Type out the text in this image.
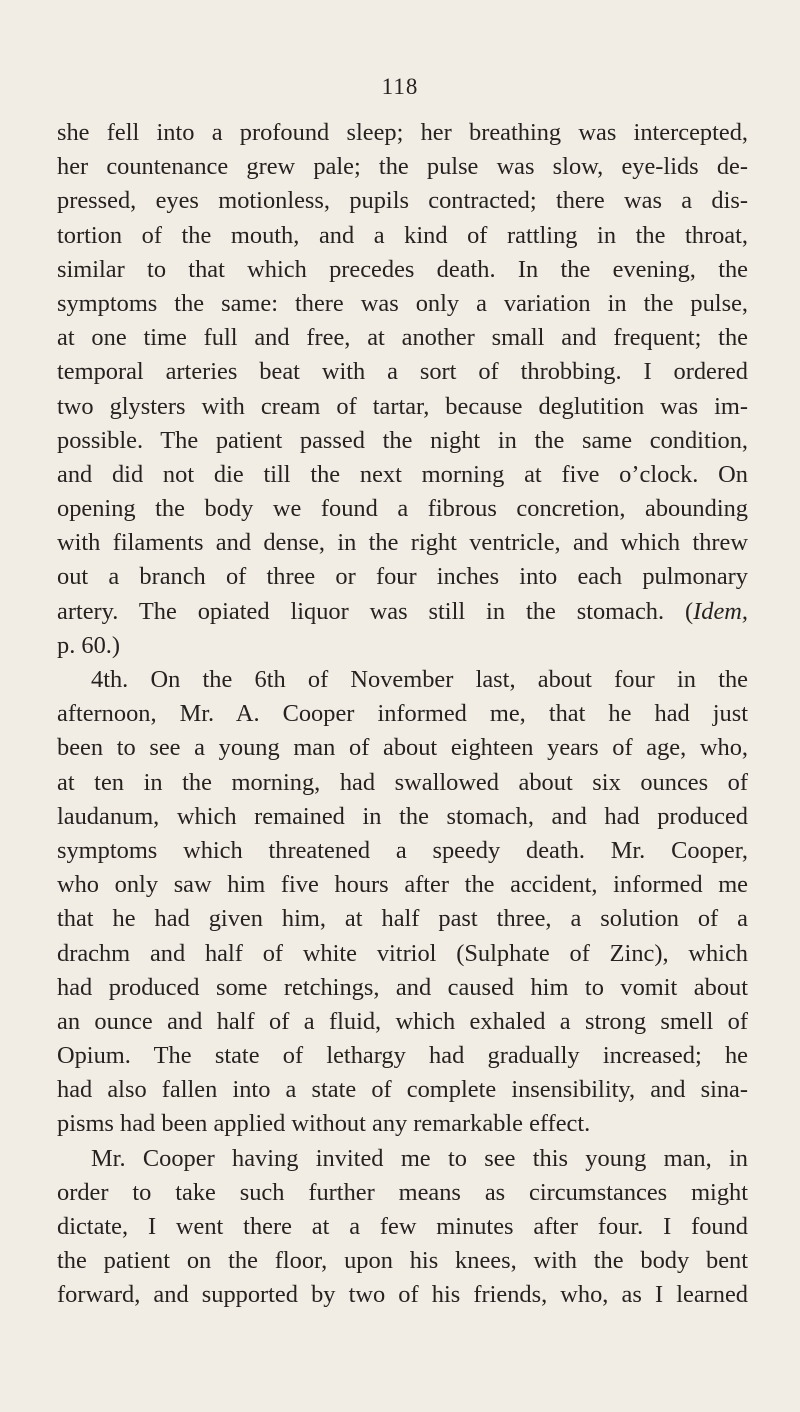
118

she fell into a profound sleep; her breathing was intercepted,

her countenance grew pale; the pulse was slow, eye-lids de-

pressed, eyes motionless, pupils contracted; there was a dis-

tortion of the mouth, and a kind of rattling in the throat,

similar to that which precedes death. In the evening, the

symptoms the same: there was only a variation in the pulse,

at one time full and free, at another small and frequent; the

temporal arteries beat with a sort of throbbing. I ordered

two glysters with cream of tartar, because deglutition was im-

possible. The patient passed the night in the same condition,

and did not die till the next morning at five o’clock. On

opening the body we found a fibrous concretion, abounding

with filaments and dense, in the right ventricle, and which threw

out a branch of three or four inches into each pulmonary

artery. The opiated liquor was still in the stomach. (Idem,

p. 60.)

4th. On the 6th of November last, about four in the

afternoon, Mr. A. Cooper informed me, that he had just

been to see a young man of about eighteen years of age, who,

at ten in the morning, had swallowed about six ounces of

laudanum, which remained in the stomach, and had produced

symptoms which threatened a speedy death. Mr. Cooper,

who only saw him five hours after the accident, informed me

that he had given him, at half past three, a solution of a

drachm and half of white vitriol (Sulphate of Zinc), which

had produced some retchings, and caused him to vomit about

an ounce and half of a fluid, which exhaled a strong smell of

Opium. The state of lethargy had gradually increased; he

had also fallen into a state of complete insensibility, and sina-

pisms had been applied without any remarkable effect.

Mr. Cooper having invited me to see this young man, in

order to take such further means as circumstances might

dictate, I went there at a few minutes after four. I found

the patient on the floor, upon his knees, with the body bent

forward, and supported by two of his friends, who, as I learned
